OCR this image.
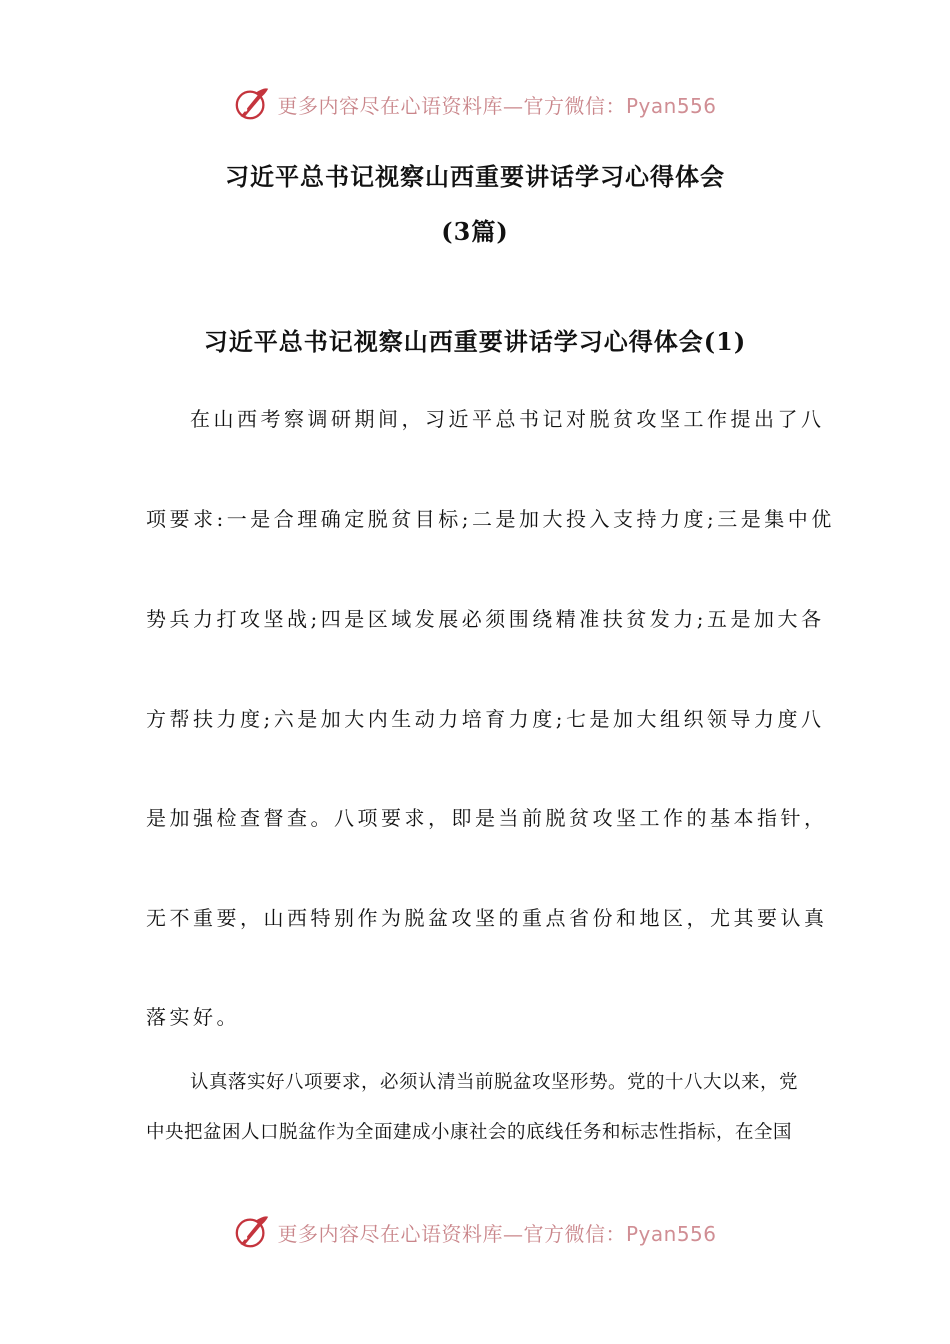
更多内容尽在心语资料库—官方微信：Pyan556
习近平总书记视察山西重要讲话学习心得体会
(3篇)
习近平总书记视察山西重要讲话学习心得体会(1)
在山西考察调研期间，习近平总书记对脱贫攻坚工作提出了八
项要求:一是合理确定脱贫目标;二是加大投入支持力度;三是集中优
势兵力打攻坚战;四是区域发展必须围绕精准扶贫发力;五是加大各
方帮扶力度;六是加大内生动力培育力度;七是加大组织领导力度八
是加强检查督查。八项要求，即是当前脱贫攻坚工作的基本指针，
无不重要，山西特别作为脱盆攻坚的重点省份和地区，尤其要认真
落实好。
认真落实好八项要求，必须认清当前脱盆攻坚形势。党的十八大以来，党
中央把盆困人口脱盆作为全面建成小康社会的底线任务和标志性指标，在全国
更多内容尽在心语资料库—官方微信：Pyan556
